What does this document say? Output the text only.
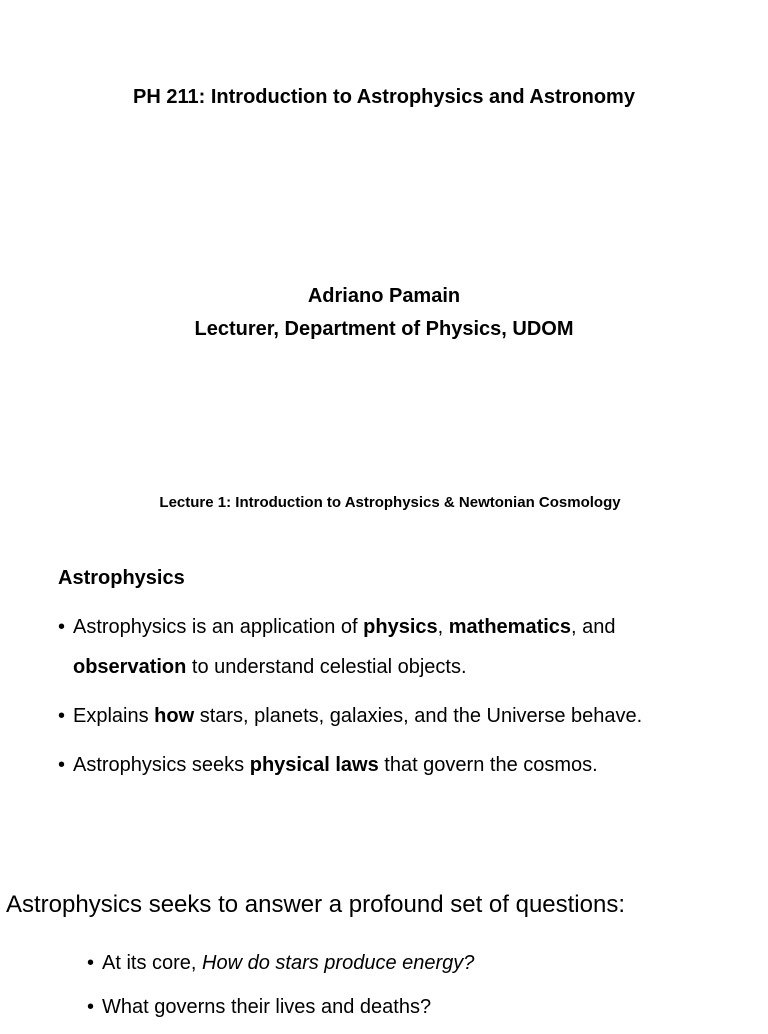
PH 211: Introduction to Astrophysics and Astronomy
Adriano Pamain
Lecturer, Department of Physics, UDOM
Lecture 1: Introduction to Astrophysics & Newtonian Cosmology
Astrophysics
• Astrophysics is an application of physics, mathematics, and observation to understand celestial objects.
• Explains how stars, planets, galaxies, and the Universe behave.
• Astrophysics seeks physical laws that govern the cosmos.
Astrophysics seeks to answer a profound set of questions:
• At its core, How do stars produce energy?
• What governs their lives and deaths?
